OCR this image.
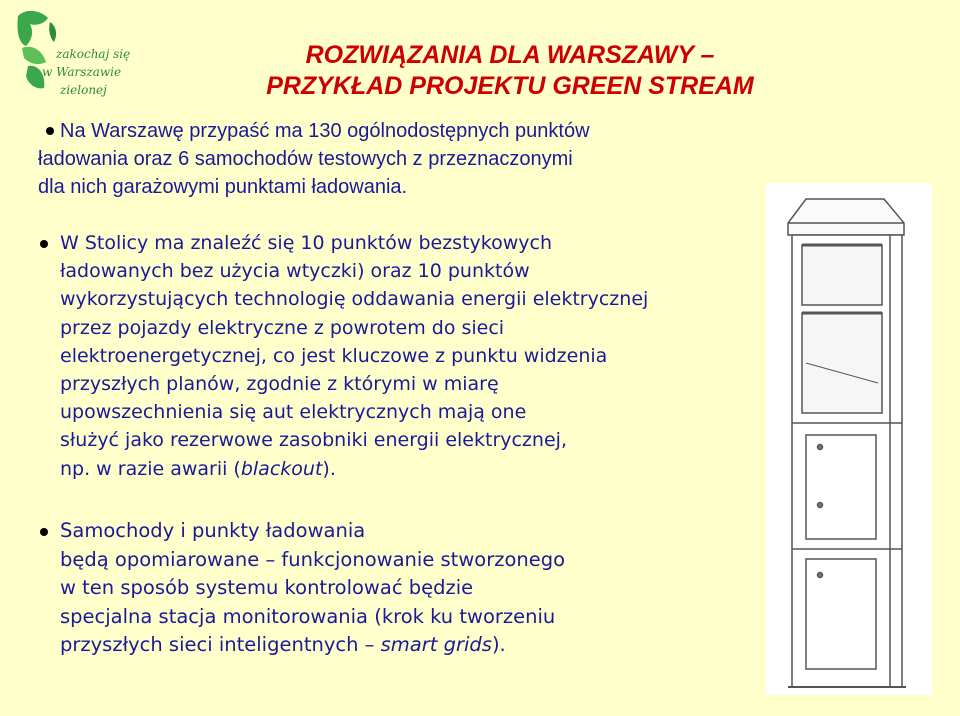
zakochaj się
w Warszawie
zielonej
ROZWIĄZANIA DLA WARSZAWY –
PRZYKŁAD PROJEKTU GREEN STREAM
Na Warszawę przypaść ma 130 ogólnodostępnych punktów
ładowania oraz 6 samochodów testowych z przeznaczonymi
dla nich garażowymi punktami ładowania.
W Stolicy ma znaleźć się 10 punktów bezstykowych
ładowanych bez użycia wtyczki) oraz 10 punktów
wykorzystujących technologię oddawania energii elektrycznej
przez pojazdy elektryczne z powrotem do sieci
elektroenergetycznej, co jest kluczowe z punktu widzenia
przyszłych planów, zgodnie z którymi w miarę
upowszechnienia się aut elektrycznych mają one
służyć jako rezerwowe zasobniki energii elektrycznej,
np. w razie awarii (blackout).
Samochody i punkty ładowania
będą opomiarowane – funkcjonowanie stworzonego
w ten sposób systemu kontrolować będzie
specjalna stacja monitorowania (krok ku tworzeniu
przyszłych sieci inteligentnych – smart grids).
